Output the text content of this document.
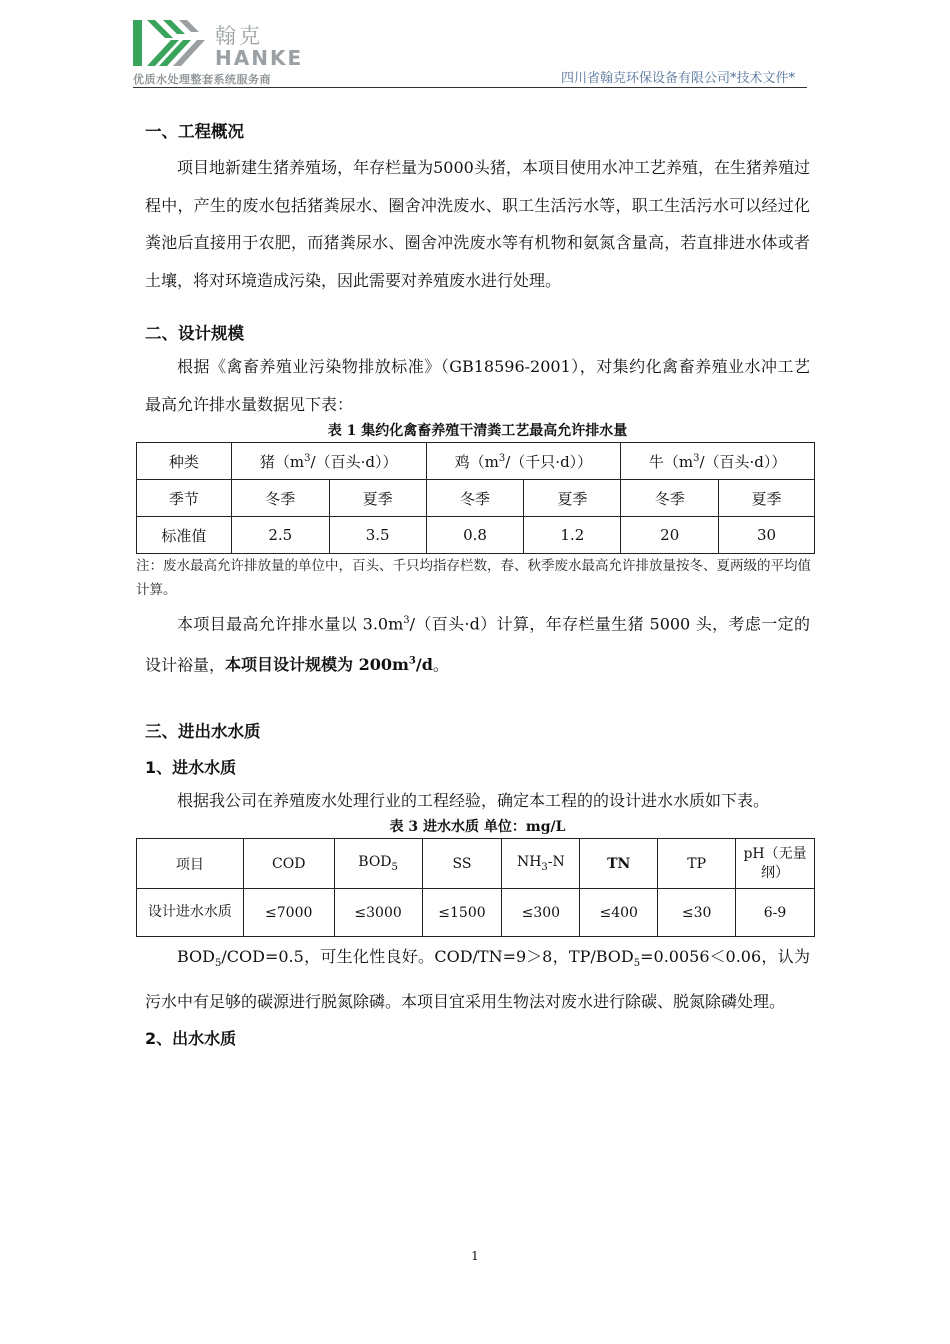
翰克
HANKE
优质水处理整套系统服务商	四川省翰克环保设备有限公司*技术文件*
一、工程概况

项目地新建生猪养殖场，年存栏量为5000头猪，本项目使用水冲工艺养殖，在生猪养殖过程中，产生的废水包括猪粪尿水、圈舍冲洗废水、职工生活污水等，职工生活污水可以经过化粪池后直接用于农肥，而猪粪尿水、圈舍冲洗废水等有机物和氨氮含量高，若直排进水体或者土壤，将对环境造成污染，因此需要对养殖废水进行处理。

二、设计规模

根据《禽畜养殖业污染物排放标准》（GB18596-2001），对集约化禽畜养殖业水冲工艺最高允许排水量数据见下表：

表 1 集约化禽畜养殖干清粪工艺最高允许排水量
种类	猪（$m^3/$（百头·d））		鸡（$m^3/$（千只·d））		牛（$m^3/$（百头·d））	
季节	冬季	夏季	冬季	夏季	冬季	夏季
标准值	2.5	3.5	0.8	1.2	20	30

注：废水最高允许排放量的单位中，百头、千只均指存栏数，春、秋季废水最高允许排放量按冬、夏两级的平均值计算。

本项目最高允许排水量以 $3.0m^3/$（百头·d）计算，年存栏量生猪 5000 头，考虑一定的设计裕量，本项目设计规模为 $200m^3/d$。

三、进出水水质
1、进水水质

根据我公司在养殖废水处理行业的工程经验，确定本工程的的设计进水水质如下表。

表 3 进水水质 单位：mg/L
项目	COD	$BOD_5$	SS	$NH_3-N$	TN	TP	pH（无量纲）
设计进水水质	≤7000	≤3000	≤1500	≤300	≤400	≤30	6-9

$BOD_5/COD=0.5$，可生化性良好。COD/TN=9＞8，$TP/BOD_5=0.0056<0.06$，认为污水中有足够的碳源进行脱氮除磷。本项目宜采用生物法对废水进行除碳、脱氮除磷处理。

2、出水水质
1
